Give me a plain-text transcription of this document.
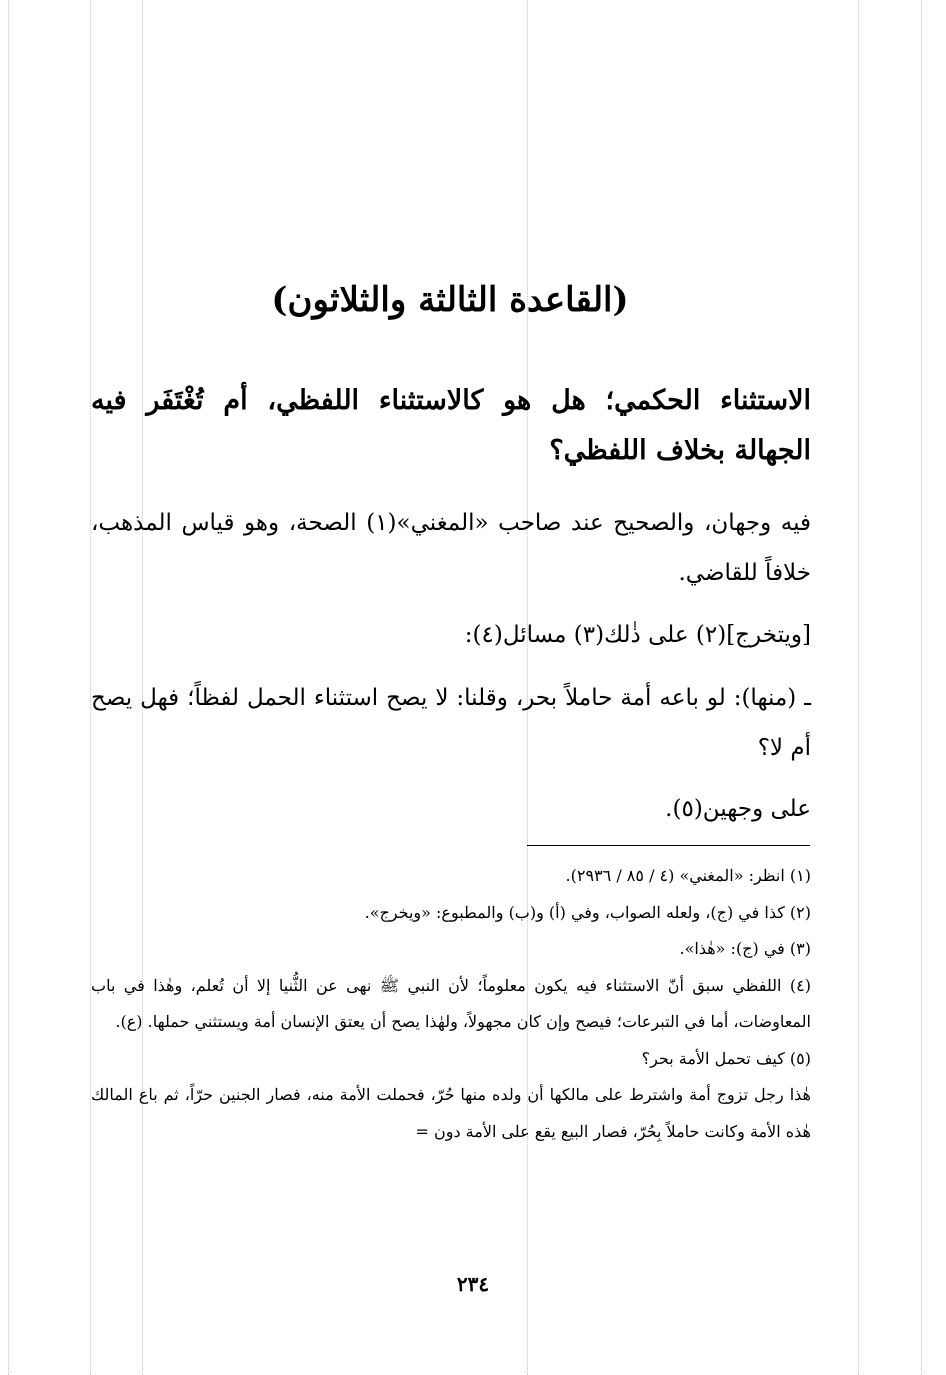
(القاعدة الثالثة والثلاثون)
الاستثناء الحكمي؛ هل هو كالاستثناء اللفظي، أم تُغْتَفَر فيه الجهالة بخلاف اللفظي؟
فيه وجهان، والصحيح عند صاحب «المغني»(١) الصحة، وهو قياس المذهب، خلافاً للقاضي.
[ويتخرج](٢) على ذٰلك(٣) مسائل(٤):
ـ (منها): لو باعه أمة حاملاً بحر، وقلنا: لا يصح استثناء الحمل لفظاً؛ فهل يصح أم لا؟
على وجهين(٥).

(١) انظر: «المغني» (٤ / ٨٥ / ٢٩٣٦).

(٢) كذا في (ج)، ولعله الصواب، وفي (أ) و(ب) والمطبوع: «ويخرج».

(٣) في (ج): «هٰذا».

(٤) اللفظي سبق أنّ الاستثناء فيه يكون معلوماً؛ لأن النبي ﷺ نهى عن الثُّنيا إلا أن تُعلم، وهٰذا في باب المعاوضات، أما في التبرعات؛ فيصح وإن كان مجهولاً، ولهٰذا يصح أن يعتق الإنسان أمة ويستثني حملها. (ع).

(٥) كيف تحمل الأمة بحر؟

هٰذا رجل تزوج أمة واشترط على مالكها أن ولده منها حُرّ، فحملت الأمة منه، فصار الجنين حرّاً، ثم باع المالك هٰذه الأمة وكانت حاملاً بِحُرّ، فصار البيع يقع على الأمة دون =

٢٣٤
